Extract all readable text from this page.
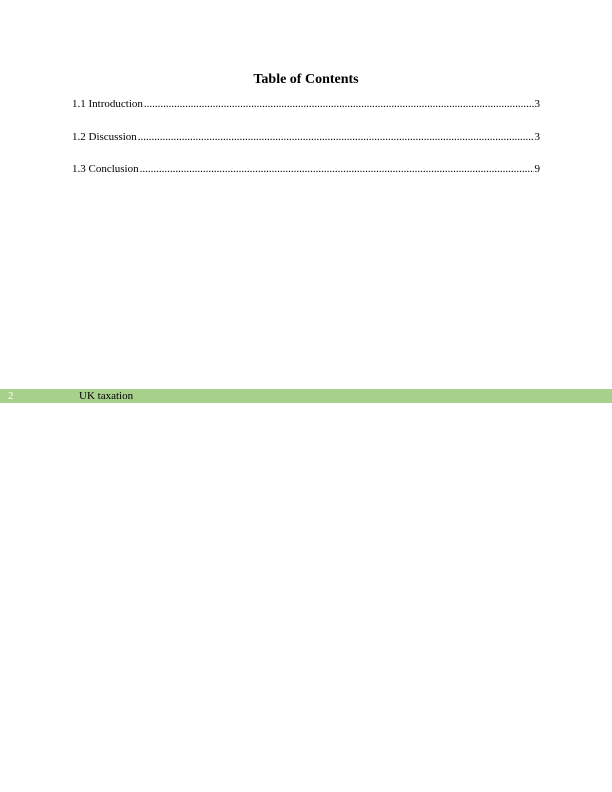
Table of Contents
1.1 Introduction .....	3
1.2 Discussion .....	3
1.3 Conclusion .....	9
2	UK taxation
